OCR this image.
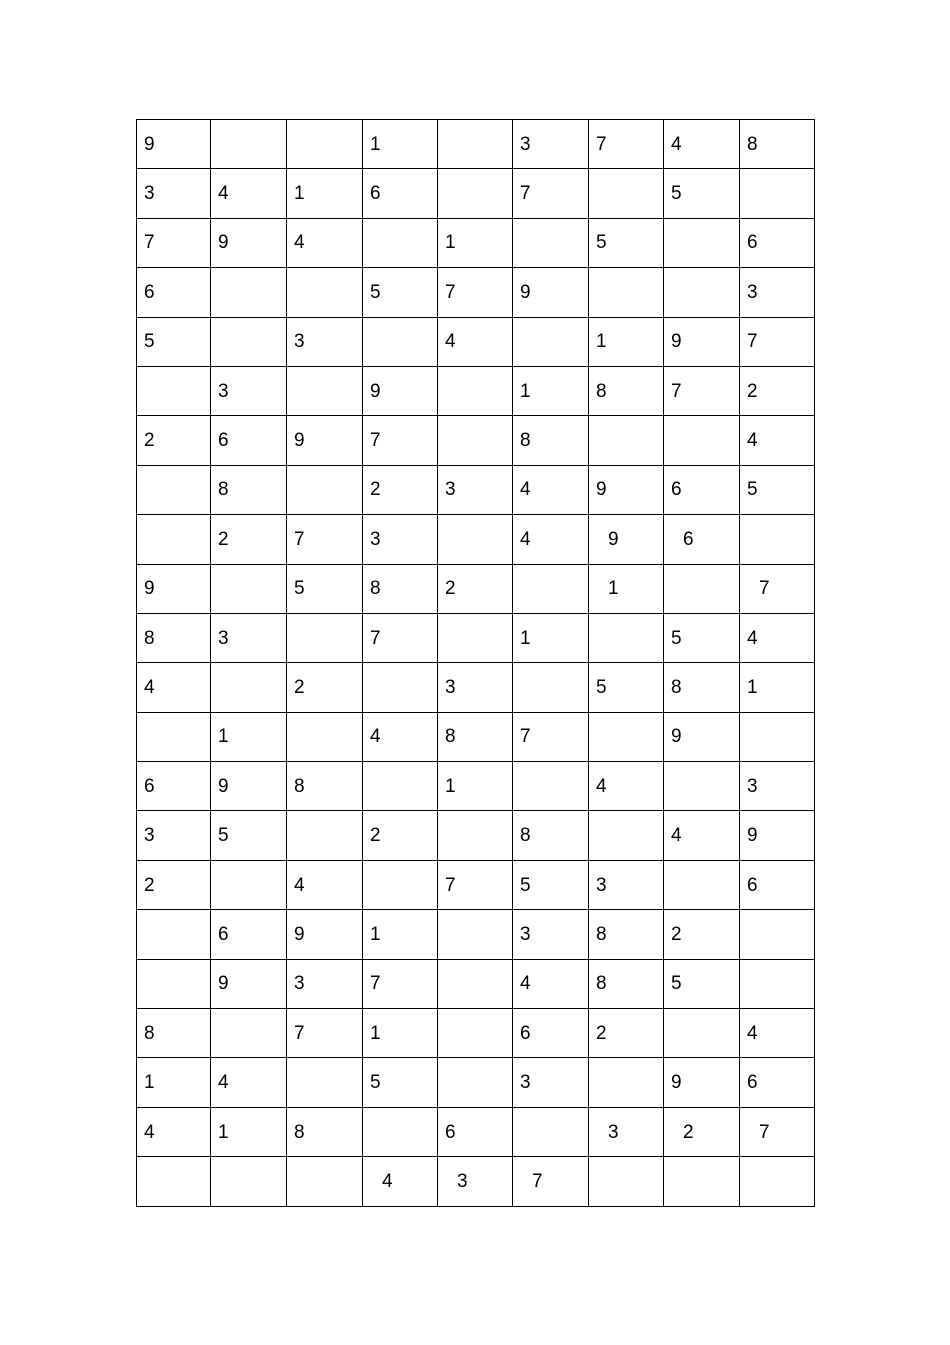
9			1		3	7	4	8
3	4	1	6		7		5	
7	9	4		1		5		6
6			5	7	9			3
5		3		4		1	9	7
	3		9		1	8	7	2
2	6	9	7		8			4
	8		2	3	4	9	6	5
	2	7	3		4	9	6	
9		5	8	2		1		7
8	3		7		1		5	4
4		2		3		5	8	1
	1		4	8	7		9	
6	9	8		1		4		3
3	5		2		8		4	9
2		4		7	5	3		6
	6	9	1		3	8	2	
	9	3	7		4	8	5	
8		7	1		6	2		4
1	4		5		3		9	6
4	1	8		6		3	2	7
			4	3	7			
